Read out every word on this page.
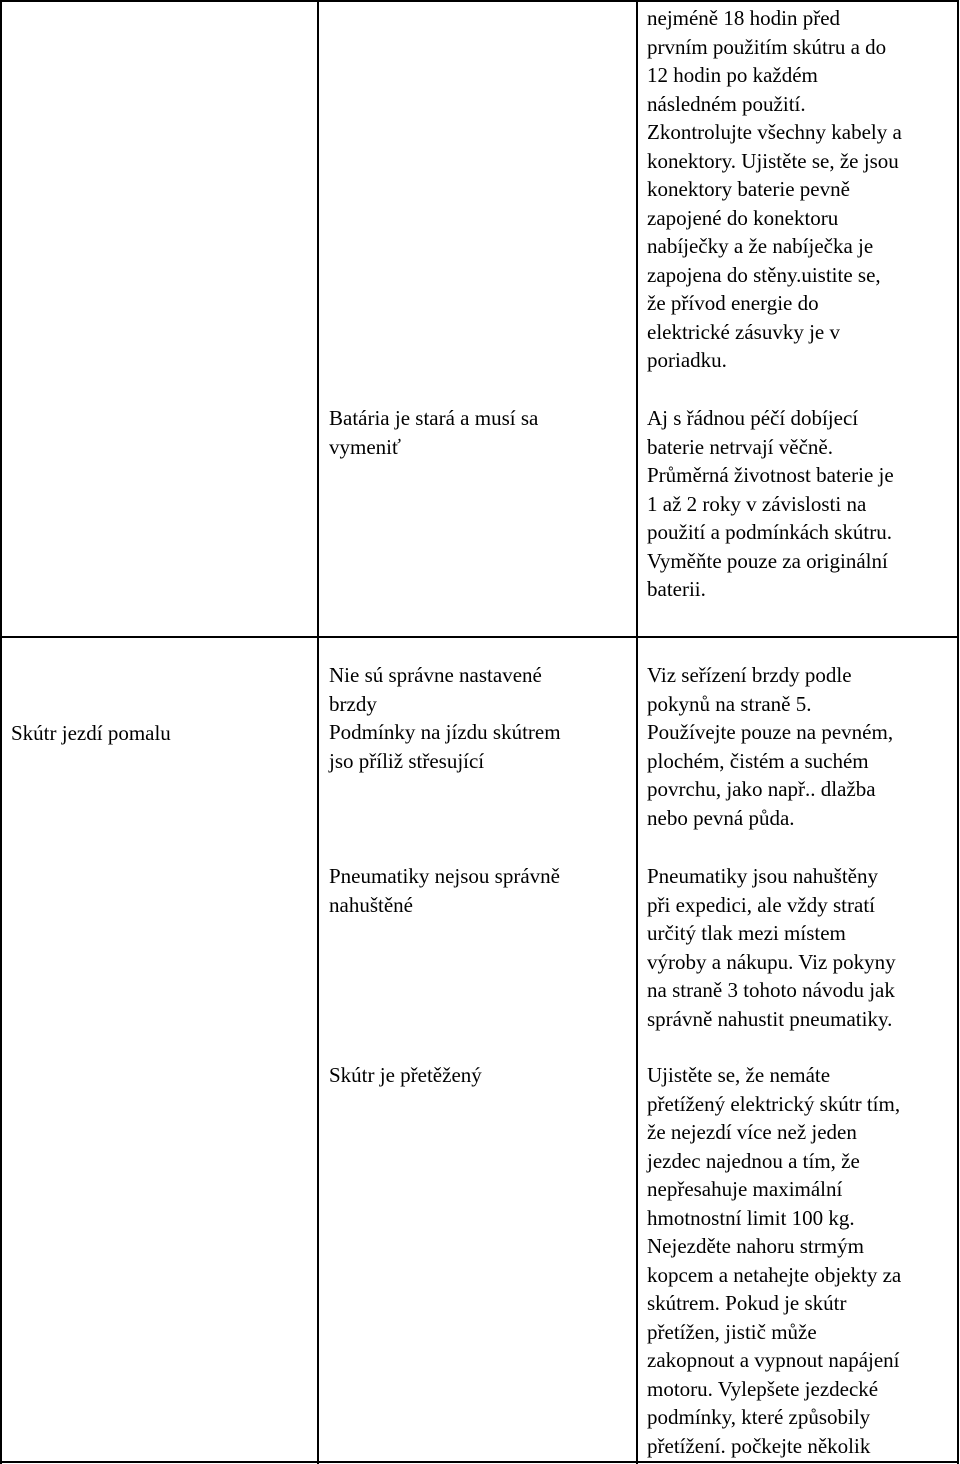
Batária je stará a musí sa
vymeniť
nejméně 18 hodin před
prvním použitím skútru a do
12 hodin po každém
následném použití.
Zkontrolujte všechny kabely a
konektory. Ujistěte se, že jsou
konektory baterie pevně
zapojené do konektoru
nabíječky a že nabíječka je
zapojena do stěny.uistite se,
že přívod energie do
elektrické zásuvky je v
poriadku.
Aj s řádnou péčí dobíjecí
baterie netrvají věčně.
Průměrná životnost baterie je
1 až 2 roky v závislosti na
použití a podmínkách skútru.
Vyměňte pouze za originální
baterii.
Skútr jezdí pomalu
Nie sú správne nastavené
brzdy
Podmínky na jízdu skútrem
jso příliž střesující
Pneumatiky nejsou správně
nahuštěné
Skútr je přetěžený
Viz seřízení brzdy podle
pokynů na straně 5.
Používejte pouze na pevném,
plochém, čistém a suchém
povrchu, jako např.. dlažba
nebo pevná půda.
Pneumatiky jsou nahuštěny
při expedici, ale vždy stratí
určitý tlak mezi místem
výroby a nákupu. Viz pokyny
na straně 3 tohoto návodu jak
správně nahustit pneumatiky.
Ujistěte se, že nemáte
přetížený elektrický skútr tím,
že nejezdí více než jeden
jezdec najednou a tím, že
nepřesahuje maximální
hmotnostní limit 100 kg.
Nejezděte nahoru strmým
kopcem a netahejte objekty za
skútrem. Pokud je skútr
přetížen, jistič může
zakopnout a vypnout napájení
motoru. Vylepšete jezdecké
podmínky, které způsobily
přetížení. počkejte několik
